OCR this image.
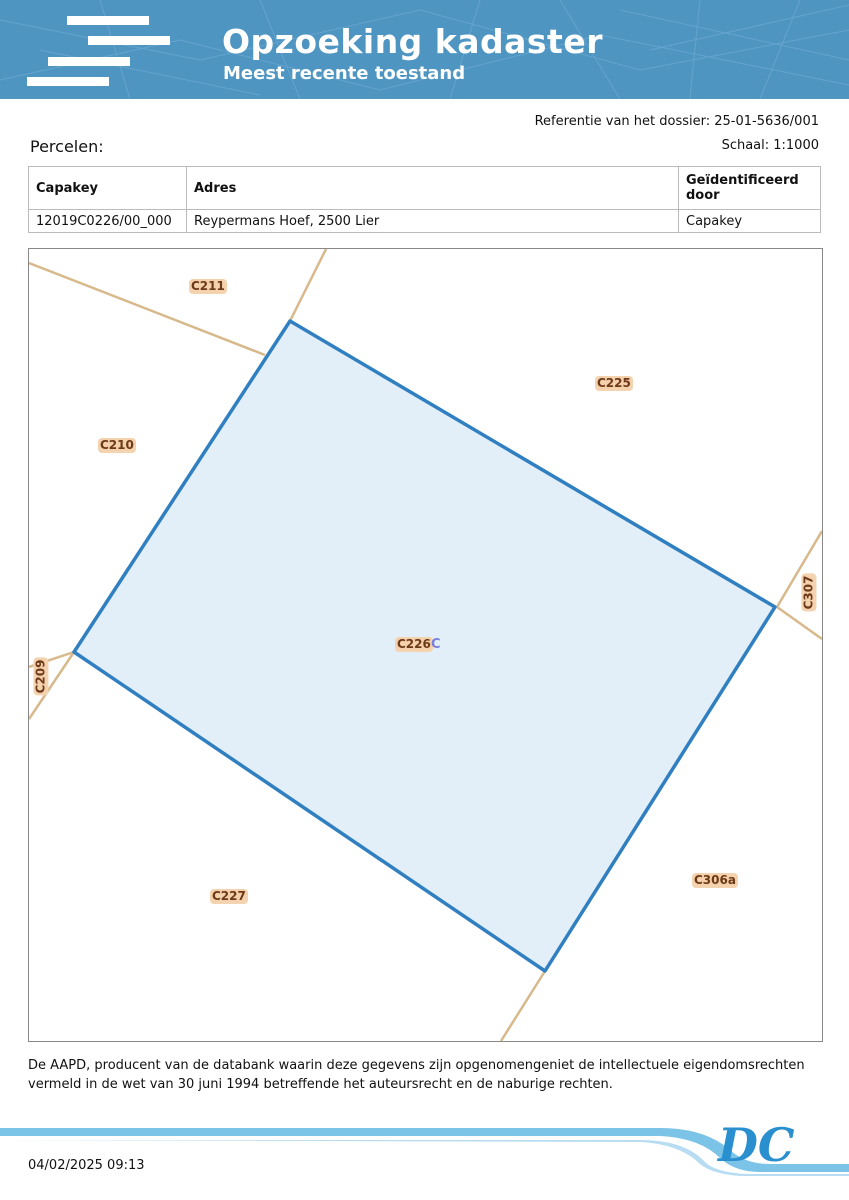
Opzoeking kadaster
Meest recente toestand
Referentie van het dossier: 25-01-5636/001
Percelen:	Schaal: 1:1000
Capakey	Adres	Geïdentificeerd door
12019C0226/00_000	Reypermans Hoef, 2500 Lier	Capakey
C211
C225
C210
C307
C209
C226 C
C227
C306a
De AAPD, producent van de databank waarin deze gegevens zijn opgenomengeniet de intellectuele eigendomsrechten vermeld in de wet van 30 juni 1994 betreffende het auteursrecht en de naburige rechten.
DC
04/02/2025 09:13
